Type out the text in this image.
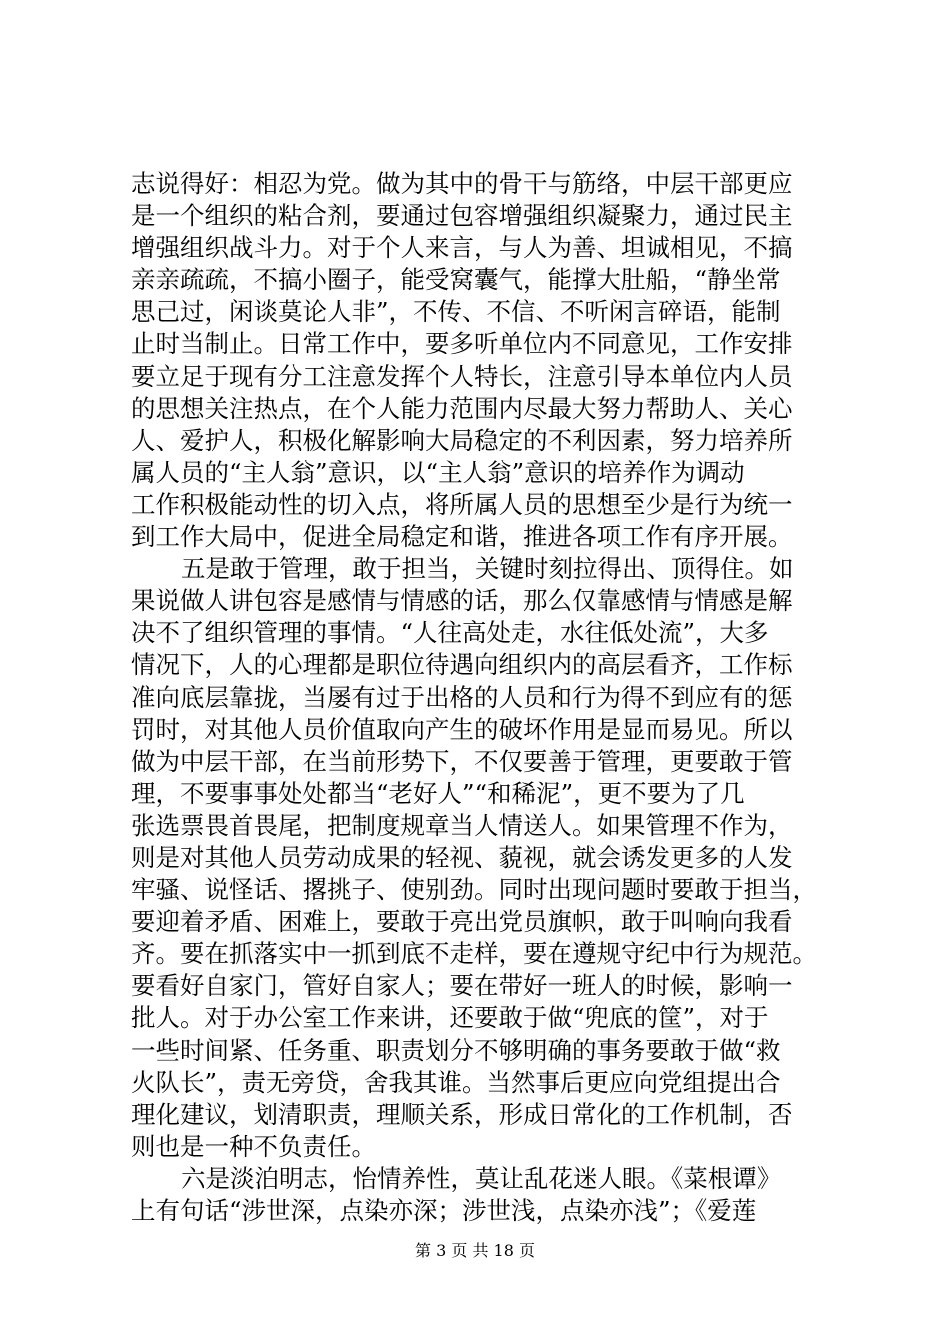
志说得好：相忍为党。做为其中的骨干与筋络，中层干部更应
是一个组织的粘合剂，要通过包容增强组织凝聚力，通过民主
增强组织战斗力。对于个人来言，与人为善、坦诚相见，不搞
亲亲疏疏，不搞小圈子，能受窝囊气，能撑大肚船，“静坐常
思己过，闲谈莫论人非”，不传、不信、不听闲言碎语，能制
止时当制止。日常工作中，要多听单位内不同意见，工作安排
要立足于现有分工注意发挥个人特长，注意引导本单位内人员
的思想关注热点，在个人能力范围内尽最大努力帮助人、关心
人、爱护人，积极化解影响大局稳定的不利因素，努力培养所
属人员的“主人翁”意识，以“主人翁”意识的培养作为调动
工作积极能动性的切入点，将所属人员的思想至少是行为统一
到工作大局中，促进全局稳定和谐，推进各项工作有序开展。
五是敢于管理，敢于担当，关键时刻拉得出、顶得住。如
果说做人讲包容是感情与情感的话，那么仅靠感情与情感是解
决不了组织管理的事情。“人往高处走，水往低处流”，大多
情况下，人的心理都是职位待遇向组织内的高层看齐，工作标
准向底层靠拢，当屡有过于出格的人员和行为得不到应有的惩
罚时，对其他人员价值取向产生的破坏作用是显而易见。所以
做为中层干部，在当前形势下，不仅要善于管理，更要敢于管
理，不要事事处处都当“老好人”“和稀泥”，更不要为了几
张选票畏首畏尾，把制度规章当人情送人。如果管理不作为，
则是对其他人员劳动成果的轻视、藐视，就会诱发更多的人发
牢骚、说怪话、撂挑子、使别劲。同时出现问题时要敢于担当，
要迎着矛盾、困难上，要敢于亮出党员旗帜，敢于叫响向我看
齐。要在抓落实中一抓到底不走样，要在遵规守纪中行为规范。
要看好自家门，管好自家人；要在带好一班人的时候，影响一
批人。对于办公室工作来讲，还要敢于做“兜底的筐”，对于
一些时间紧、任务重、职责划分不够明确的事务要敢于做“救
火队长”，责无旁贷，舍我其谁。当然事后更应向党组提出合
理化建议，划清职责，理顺关系，形成日常化的工作机制，否
则也是一种不负责任。
六是淡泊明志，怡情养性，莫让乱花迷人眼。《菜根谭》
上有句话“涉世深，点染亦深；涉世浅，点染亦浅”；《爱莲
第 3 页 共 18 页
